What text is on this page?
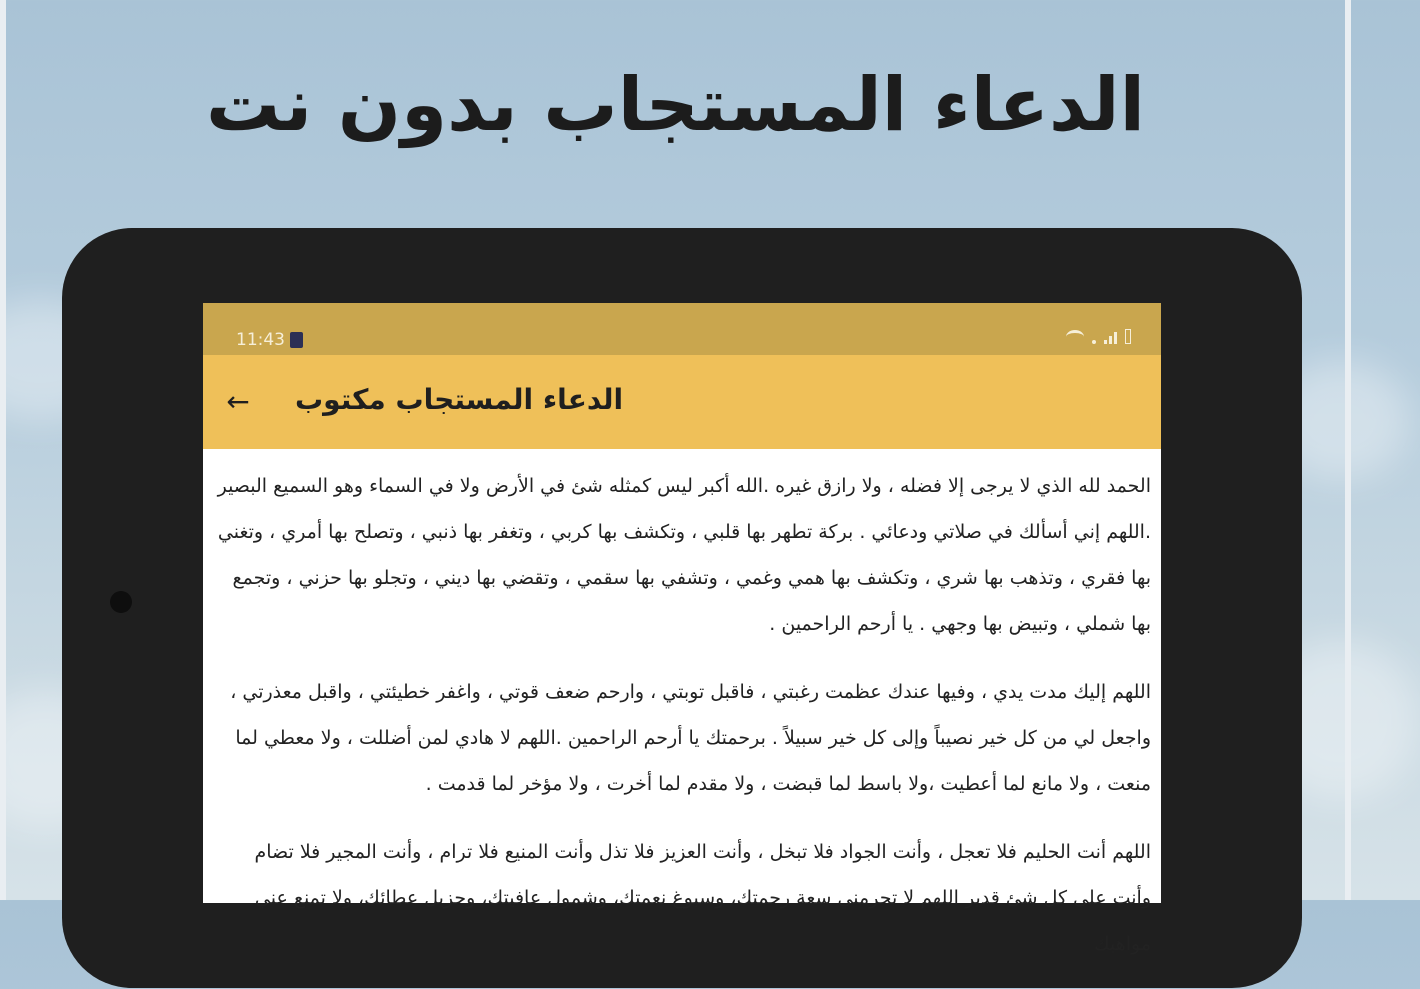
الدعاء المستجاب بدون نت
11:43
← الدعاء المستجاب مكتوب

الحمد لله الذي لا يرجى إلا فضله ، ولا رازق غيره .الله أكبر ليس كمثله شئ في الأرض ولا في السماء وهو السميع البصير .اللهم إني أسألك في صلاتي ودعائي . بركة تطهر بها قلبي ، وتكشف بها كربي ، وتغفر بها ذنبي ، وتصلح بها أمري ، وتغني بها فقري ، وتذهب بها شري ، وتكشف بها همي وغمي ، وتشفي بها سقمي ، وتقضي بها ديني ، وتجلو بها حزني ، وتجمع بها شملي ، وتبيض بها وجهي . يا أرحم الراحمين .

اللهم إليك مدت يدي ، وفيها عندك عظمت رغبتي ، فاقبل توبتي ، وارحم ضعف قوتي ، واغفر خطيئتي ، واقبل معذرتي ، واجعل لي من كل خير نصيباً وإلى كل خير سبيلاً . برحمتك يا أرحم الراحمين .اللهم لا هادي لمن أضللت ، ولا معطي لما منعت ، ولا مانع لما أعطيت ،ولا باسط لما قبضت ، ولا مقدم لما أخرت ، ولا مؤخر لما قدمت .

اللهم أنت الحليم فلا تعجل ، وأنت الجواد فلا تبخل ، وأنت العزيز فلا تذل وأنت المنيع فلا ترام ، وأنت المجير فلا تضام وأنت على كل شئ قدير اللهم لا تحرمني سعة رحمتك، وسبوغ نعمتك، وشمول عافيتك، وجزيل عطائك، ولا تمنع عني مواهبك
